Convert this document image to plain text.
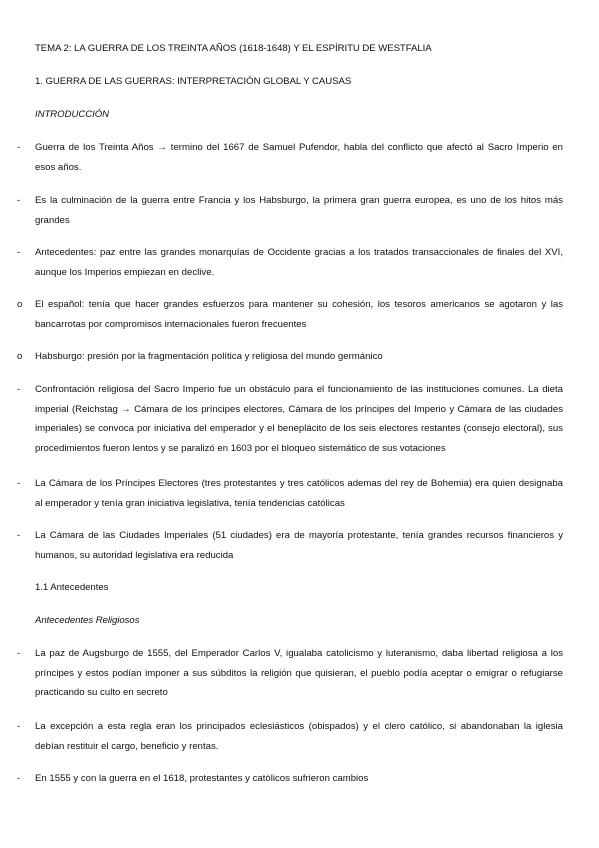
TEMA 2: LA GUERRA DE LOS TREINTA AÑOS (1618-1648) Y EL ESPÍRITU DE WESTFALIA
1. GUERRA DE LAS GUERRAS: INTERPRETACIÓN GLOBAL Y CAUSAS
INTRODUCCIÓN
- Guerra de los Treinta Años → termino del 1667 de Samuel Pufendor, habla del conflicto que afectó al Sacro Imperio en esos años.
- Es la culminación de la guerra entre Francia y los Habsburgo, la primera gran guerra europea, es uno de los hitos más grandes
- Antecedentes: paz entre las grandes monarquías de Occidente gracias a los tratados transaccionales de finales del XVI, aunque los Imperios empiezan en declive.
o El español: tenía que hacer grandes esfuerzos para mantener su cohesión, los tesoros americanos se agotaron y las bancarrotas por compromisos internacionales fueron frecuentes
o Habsburgo: presión por la fragmentación política y religiosa del mundo germánico
- Confrontación religiosa del Sacro Imperio fue un obstáculo para el funcionamiento de las instituciones comunes. La dieta imperial (Reichstag → Cámara de los príncipes electores, Cámara de los príncipes del Imperio y Cámara de las ciudades imperiales) se convoca por iniciativa del emperador y el beneplácito de los seis electores restantes (consejo electoral), sus procedimientos fueron lentos y se paralizó en 1603 por el bloqueo sistemático de sus votaciones
- La Cámara de los Príncipes Electores (tres protestantes y tres católicos ademas del rey de Bohemia) era quien designaba al emperador y tenía gran iniciativa legislativa, tenía tendencias católicas
- La Cámara de las Ciudades Imperiales (51 ciudades) era de mayoría protestante, tenía grandes recursos financieros y humanos, su autoridad legislativa era reducida
1.1 Antecedentes
Antecedentes Religiosos
- La paz de Augsburgo de 1555, del Emperador Carlos V, igualaba catolicismo y luteranismo, daba libertad religiosa a los príncipes y estos podían imponer a sus súbditos la religión que quisieran, el pueblo podía aceptar o emigrar o refugiarse practicando su culto en secreto
- La excepción a esta regla eran los principados eclesiásticos (obispados) y el clero católico, si abandonaban la iglesia debían restituir el cargo, beneficio y rentas.
- En 1555 y con la guerra en el 1618, protestantes y católicos sufrieron cambios
